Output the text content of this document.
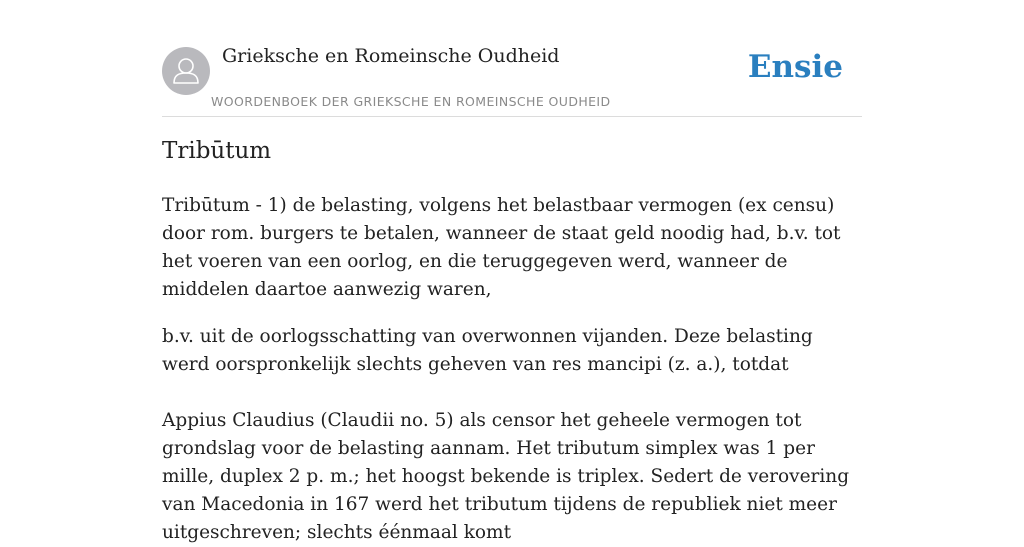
Grieksche en Romeinsche Oudheid
WOORDENBOEK DER GRIEKSCHE EN ROMEINSCHE OUDHEID
Ensie
Tribūtum

Tribūtum - 1) de belasting, volgens het belastbaar vermogen (ex censu) door rom. burgers te betalen, wanneer de staat geld noodig had, b.v. tot het voeren van een oorlog, en die teruggegeven werd, wanneer de middelen daartoe aanwezig waren,

b.v. uit de oorlogsschatting van overwonnen vijanden. Deze belasting werd oorspronkelijk slechts geheven van res mancipi (z. a.), totdat

Appius Claudius (Claudii no. 5) als censor het geheele vermogen tot grondslag voor de belasting aannam. Het tributum simplex was 1 per mille, duplex 2 p. m.; het hoogst bekende is triplex. Sedert de verovering van Macedonia in 167 werd het tributum tijdens de republiek niet meer uitgeschreven; slechts éénmaal komt
